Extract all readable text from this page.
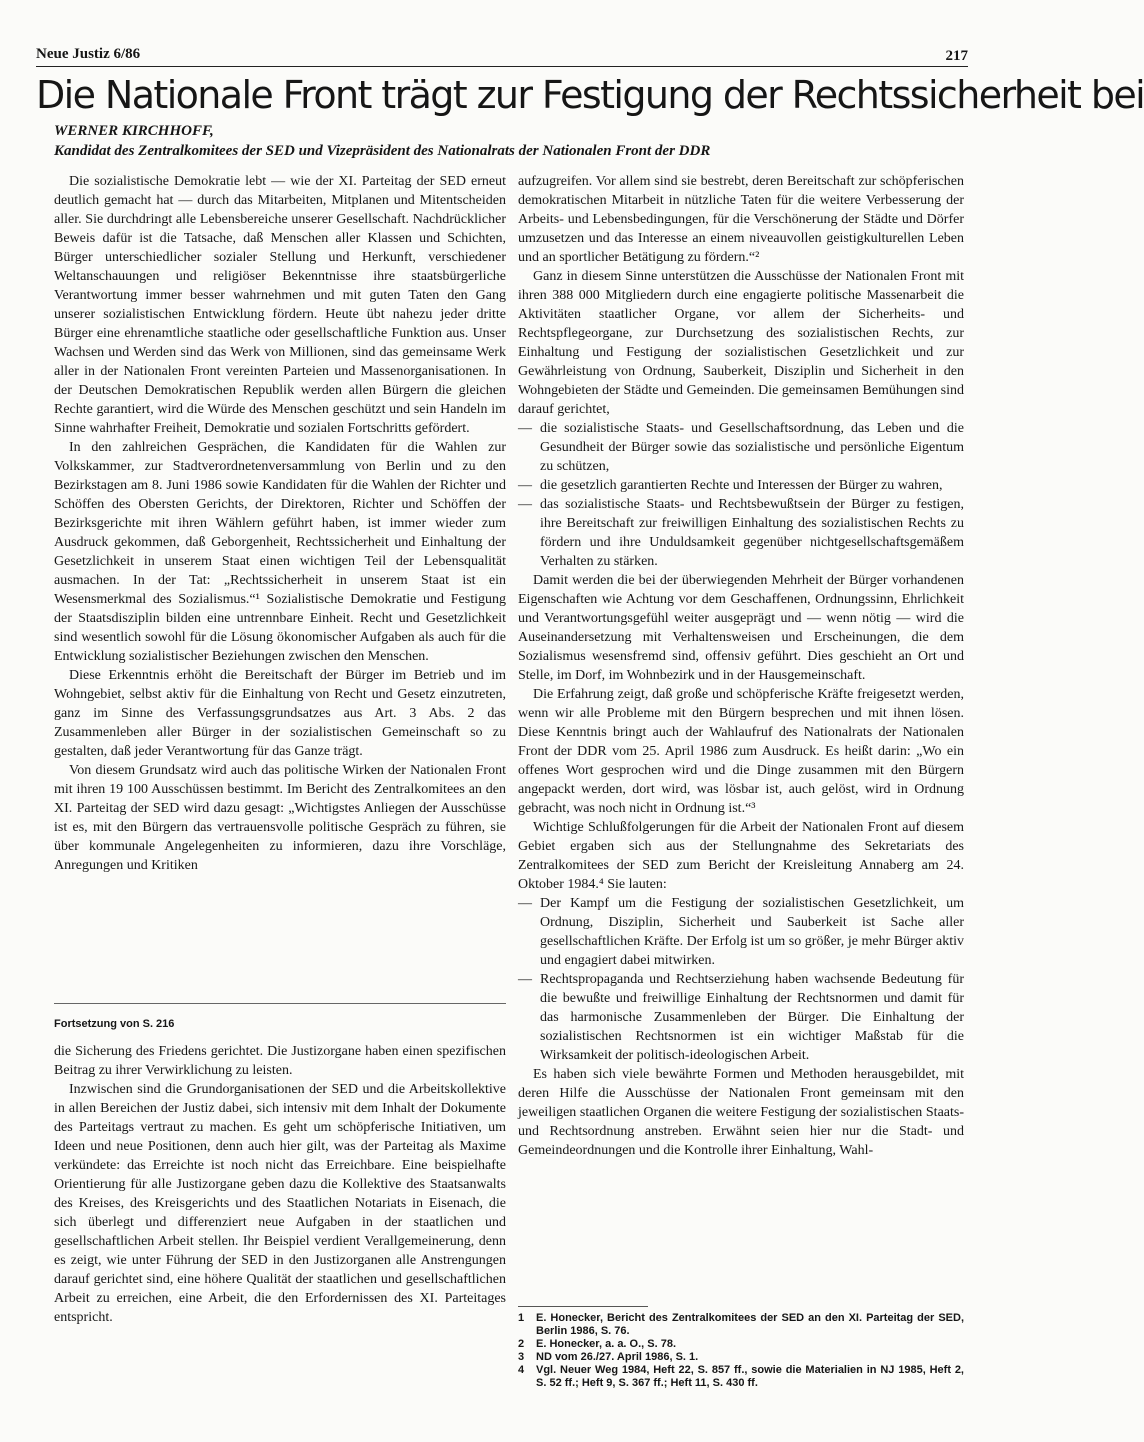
Neue Justiz 6/86	217
Die Nationale Front trägt zur Festigung der Rechtssicherheit bei
WERNER KIRCHHOFF,
Kandidat des Zentralkomitees der SED und Vizepräsident des Nationalrats der Nationalen Front der DDR

Die sozialistische Demokratie lebt — wie der XI. Parteitag der SED erneut deutlich gemacht hat — durch das Mitarbeiten, Mitplanen und Mitentscheiden aller. Sie durchdringt alle Lebensbereiche unserer Gesellschaft. Nachdrücklicher Beweis dafür ist die Tatsache, daß Menschen aller Klassen und Schichten, Bürger unterschiedlicher sozialer Stellung und Herkunft, verschiedener Weltanschauungen und religiöser Bekenntnisse ihre staatsbürgerliche Verantwortung immer besser wahrnehmen und mit guten Taten den Gang unserer sozialistischen Entwicklung fördern. Heute übt nahezu jeder dritte Bürger eine ehrenamtliche staatliche oder gesellschaftliche Funktion aus. Unser Wachsen und Werden sind das Werk von Millionen, sind das gemeinsame Werk aller in der Nationalen Front vereinten Parteien und Massenorganisationen. In der Deutschen Demokratischen Republik werden allen Bürgern die gleichen Rechte garantiert, wird die Würde des Menschen geschützt und sein Handeln im Sinne wahrhafter Freiheit, Demokratie und sozialen Fortschritts gefördert.

In den zahlreichen Gesprächen, die Kandidaten für die Wahlen zur Volkskammer, zur Stadtverordnetenversammlung von Berlin und zu den Bezirkstagen am 8. Juni 1986 sowie Kandidaten für die Wahlen der Richter und Schöffen des Obersten Gerichts, der Direktoren, Richter und Schöffen der Bezirksgerichte mit ihren Wählern geführt haben, ist immer wieder zum Ausdruck gekommen, daß Geborgenheit, Rechtssicherheit und Einhaltung der Gesetzlichkeit in unserem Staat einen wichtigen Teil der Lebensqualität ausmachen. In der Tat: „Rechtssicherheit in unserem Staat ist ein Wesensmerkmal des Sozialismus.“¹ Sozialistische Demokratie und Festigung der Staatsdisziplin bilden eine untrennbare Einheit. Recht und Gesetzlichkeit sind wesentlich sowohl für die Lösung ökonomischer Aufgaben als auch für die Entwicklung sozialistischer Beziehungen zwischen den Menschen.

Diese Erkenntnis erhöht die Bereitschaft der Bürger im Betrieb und im Wohngebiet, selbst aktiv für die Einhaltung von Recht und Gesetz einzutreten, ganz im Sinne des Verfassungsgrundsatzes aus Art. 3 Abs. 2 das Zusammenleben aller Bürger in der sozialistischen Gemeinschaft so zu gestalten, daß jeder Verantwortung für das Ganze trägt.

Von diesem Grundsatz wird auch das politische Wirken der Nationalen Front mit ihren 19 100 Ausschüssen bestimmt. Im Bericht des Zentralkomitees an den XI. Parteitag der SED wird dazu gesagt: „Wichtigstes Anliegen der Ausschüsse ist es, mit den Bürgern das vertrauensvolle politische Gespräch zu führen, sie über kommunale Angelegenheiten zu informieren, dazu ihre Vorschläge, Anregungen und Kritiken

Fortsetzung von S. 216

die Sicherung des Friedens gerichtet. Die Justizorgane haben einen spezifischen Beitrag zu ihrer Verwirklichung zu leisten.

Inzwischen sind die Grundorganisationen der SED und die Arbeitskollektive in allen Bereichen der Justiz dabei, sich intensiv mit dem Inhalt der Dokumente des Parteitags vertraut zu machen. Es geht um schöpferische Initiativen, um Ideen und neue Positionen, denn auch hier gilt, was der Parteitag als Maxime verkündete: das Erreichte ist noch nicht das Erreichbare. Eine beispielhafte Orientierung für alle Justizorgane geben dazu die Kollektive des Staatsanwalts des Kreises, des Kreisgerichts und des Staatlichen Notariats in Eisenach, die sich überlegt und differenziert neue Aufgaben in der staatlichen und gesellschaftlichen Arbeit stellen. Ihr Beispiel verdient Verallgemeinerung, denn es zeigt, wie unter Führung der SED in den Justizorganen alle Anstrengungen darauf gerichtet sind, eine höhere Qualität der staatlichen und gesellschaftlichen Arbeit zu erreichen, eine Arbeit, die den Erfordernissen des XI. Parteitages entspricht.

aufzugreifen. Vor allem sind sie bestrebt, deren Bereitschaft zur schöpferischen demokratischen Mitarbeit in nützliche Taten für die weitere Verbesserung der Arbeits- und Lebensbedingungen, für die Verschönerung der Städte und Dörfer umzusetzen und das Interesse an einem niveauvollen geistigkulturellen Leben und an sportlicher Betätigung zu fördern.“²

Ganz in diesem Sinne unterstützen die Ausschüsse der Nationalen Front mit ihren 388 000 Mitgliedern durch eine engagierte politische Massenarbeit die Aktivitäten staatlicher Organe, vor allem der Sicherheits- und Rechtspflegeorgane, zur Durchsetzung des sozialistischen Rechts, zur Einhaltung und Festigung der sozialistischen Gesetzlichkeit und zur Gewährleistung von Ordnung, Sauberkeit, Disziplin und Sicherheit in den Wohngebieten der Städte und Gemeinden. Die gemeinsamen Bemühungen sind darauf gerichtet,

— die sozialistische Staats- und Gesellschaftsordnung, das Leben und die Gesundheit der Bürger sowie das sozialistische und persönliche Eigentum zu schützen,
— die gesetzlich garantierten Rechte und Interessen der Bürger zu wahren,
— das sozialistische Staats- und Rechtsbewußtsein der Bürger zu festigen, ihre Bereitschaft zur freiwilligen Einhaltung des sozialistischen Rechts zu fördern und ihre Unduldsamkeit gegenüber nichtgesellschaftsgemäßem Verhalten zu stärken.

Damit werden die bei der überwiegenden Mehrheit der Bürger vorhandenen Eigenschaften wie Achtung vor dem Geschaffenen, Ordnungssinn, Ehrlichkeit und Verantwortungsgefühl weiter ausgeprägt und — wenn nötig — wird die Auseinandersetzung mit Verhaltensweisen und Erscheinungen, die dem Sozialismus wesensfremd sind, offensiv geführt. Dies geschieht an Ort und Stelle, im Dorf, im Wohnbezirk und in der Hausgemeinschaft.

Die Erfahrung zeigt, daß große und schöpferische Kräfte freigesetzt werden, wenn wir alle Probleme mit den Bürgern besprechen und mit ihnen lösen. Diese Kenntnis bringt auch der Wahlaufruf des Nationalrats der Nationalen Front der DDR vom 25. April 1986 zum Ausdruck. Es heißt darin: „Wo ein offenes Wort gesprochen wird und die Dinge zusammen mit den Bürgern angepackt werden, dort wird, was lösbar ist, auch gelöst, wird in Ordnung gebracht, was noch nicht in Ordnung ist.“³

Wichtige Schlußfolgerungen für die Arbeit der Nationalen Front auf diesem Gebiet ergaben sich aus der Stellungnahme des Sekretariats des Zentralkomitees der SED zum Bericht der Kreisleitung Annaberg am 24. Oktober 1984.⁴ Sie lauten:

— Der Kampf um die Festigung der sozialistischen Gesetzlichkeit, um Ordnung, Disziplin, Sicherheit und Sauberkeit ist Sache aller gesellschaftlichen Kräfte. Der Erfolg ist um so größer, je mehr Bürger aktiv und engagiert dabei mitwirken.
— Rechtspropaganda und Rechtserziehung haben wachsende Bedeutung für die bewußte und freiwillige Einhaltung der Rechtsnormen und damit für das harmonische Zusammenleben der Bürger. Die Einhaltung der sozialistischen Rechtsnormen ist ein wichtiger Maßstab für die Wirksamkeit der politisch-ideologischen Arbeit.

Es haben sich viele bewährte Formen und Methoden herausgebildet, mit deren Hilfe die Ausschüsse der Nationalen Front gemeinsam mit den jeweiligen staatlichen Organen die weitere Festigung der sozialistischen Staats- und Rechtsordnung anstreben. Erwähnt seien hier nur die Stadt- und Gemeindeordnungen und die Kontrolle ihrer Einhaltung, Wahl-

1 E. Honecker, Bericht des Zentralkomitees der SED an den XI. Parteitag der SED, Berlin 1986, S. 76.
2 E. Honecker, a. a. O., S. 78.
3 ND vom 26./27. April 1986, S. 1.
4 Vgl. Neuer Weg 1984, Heft 22, S. 857 ff., sowie die Materialien in NJ 1985, Heft 2, S. 52 ff.; Heft 9, S. 367 ff.; Heft 11, S. 430 ff.
